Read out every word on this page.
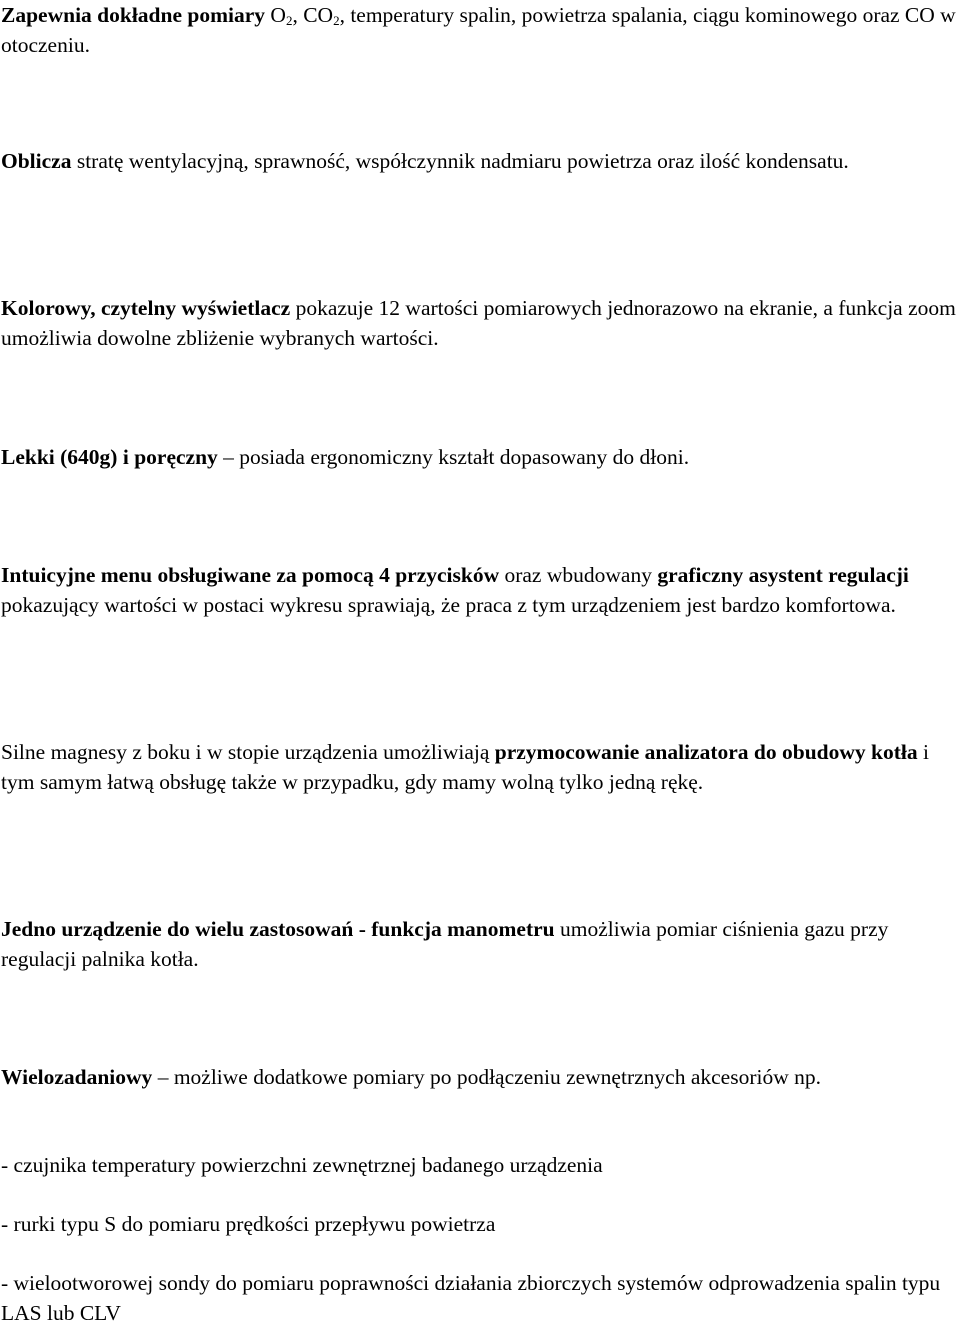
Zapewnia dokładne pomiary $O_2$, $CO_2$, temperatury spalin, powietrza spalania, ciągu kominowego oraz CO w otoczeniu.

Oblicza stratę wentylacyjną, sprawność, współczynnik nadmiaru powietrza oraz ilość kondensatu.

Kolorowy, czytelny wyświetlacz pokazuje 12 wartości pomiarowych jednorazowo na ekranie, a funkcja zoom umożliwia dowolne zbliżenie wybranych wartości.

Lekki (640g) i poręczny – posiada ergonomiczny kształt dopasowany do dłoni.

Intuicyjne menu obsługiwane za pomocą 4 przycisków oraz wbudowany graficzny asystent regulacji pokazujący wartości w postaci wykresu sprawiają, że praca z tym urządzeniem jest bardzo komfortowa.

Silne magnesy z boku i w stopie urządzenia umożliwiają przymocowanie analizatora do obudowy kotła i tym samym łatwą obsługę także w przypadku, gdy mamy wolną tylko jedną rękę.

Jedno urządzenie do wielu zastosowań - funkcja manometru umożliwia pomiar ciśnienia gazu przy regulacji palnika kotła.

Wielozadaniowy – możliwe dodatkowe pomiary po podłączeniu zewnętrznych akcesoriów np.

- czujnika temperatury powierzchni zewnętrznej badanego urządzenia

- rurki typu S do pomiaru prędkości przepływu powietrza

- wielootworowej sondy do pomiaru poprawności działania zbiorczych systemów odprowadzenia spalin typu LAS lub CLV
